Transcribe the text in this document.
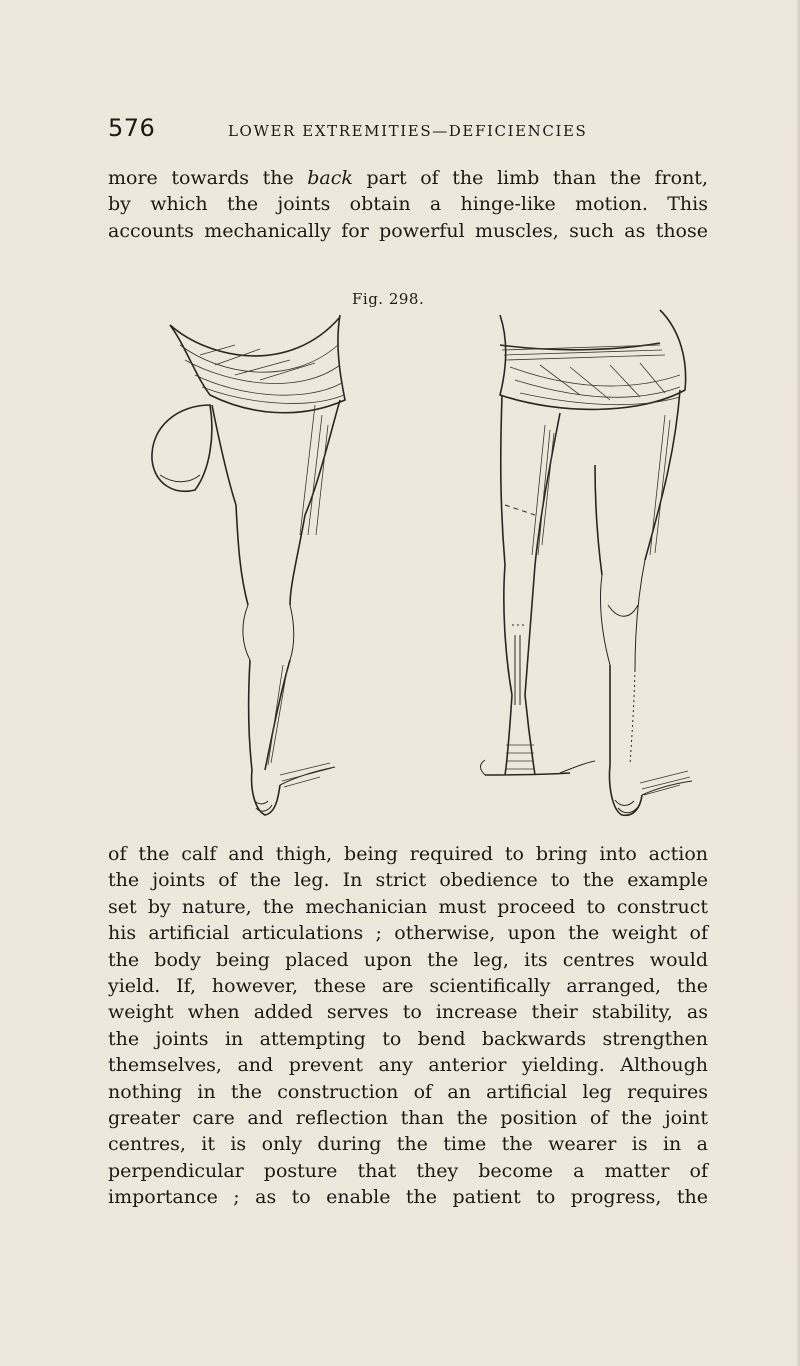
576	LOWER EXTREMITIES—DEFICIENCIES

more towards the back part of the limb than the front,
by which the joints obtain a hinge-like motion. This
accounts mechanically for powerful muscles, such as those

Fig. 298.

of the calf and thigh, being required to bring into action
the joints of the leg. In strict obedience to the example
set by nature, the mechanician must proceed to construct
his artificial articulations ; otherwise, upon the weight of
the body being placed upon the leg, its centres would
yield. If, however, these are scientifically arranged, the
weight when added serves to increase their stability, as
the joints in attempting to bend backwards strengthen
themselves, and prevent any anterior yielding. Although
nothing in the construction of an artificial leg requires
greater care and reflection than the position of the joint
centres, it is only during the time the wearer is in a
perpendicular posture that they become a matter of
importance ; as to enable the patient to progress, the
